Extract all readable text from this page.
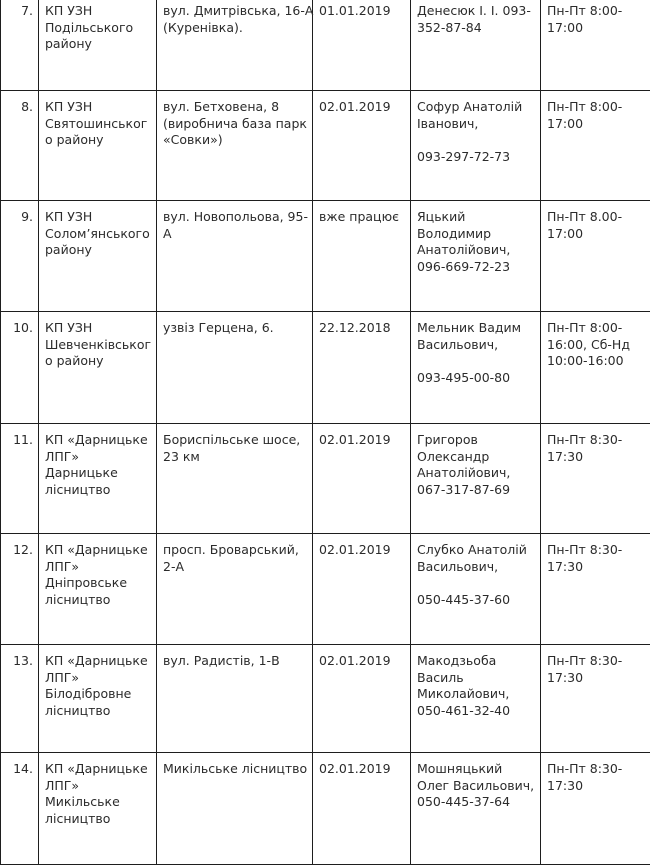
7.	КП УЗН
Подільського
району	вул. Дмитрівська, 16-А
(Куренівка).	01.01.2019	Денесюк І. І. 093-
352-87-84	Пн-Пт 8:00-
17:00

8.	КП УЗН
Святошинськог
о району	вул. Бетховена, 8
(виробнича база парк
«Совки»)	02.01.2019	Софур Анатолій
Іванович,
093-297-72-73	Пн-Пт 8:00-
17:00

9.	КП УЗН
Солом’янського
району	вул. Новопольова, 95-
А	вже працює	Яцький
Володимир
Анатолійович,
096-669-72-23	Пн-Пт 8.00-
17:00

10.	КП УЗН
Шевченківськог
о району	узвіз Герцена, 6.	22.12.2018	Мельник Вадим
Васильович,
093-495-00-80	Пн-Пт 8:00-
16:00, Сб-Нд
10:00-16:00

11.	КП «Дарницьке
ЛПГ»
Дарницьке
лісництво	Бориспільське шосе,
23 км	02.01.2019	Григоров
Олександр
Анатолійович,
067-317-87-69	Пн-Пт 8:30-
17:30

12.	КП «Дарницьке
ЛПГ»
Дніпровське
лісництво	просп. Броварський,
2-А	02.01.2019	Слубко Анатолій
Васильович,
050-445-37-60	Пн-Пт 8:30-
17:30

13.	КП «Дарницьке
ЛПГ»
Білодібровне
лісництво	вул. Радистів, 1-В	02.01.2019	Макодзьоба
Василь
Миколайович,
050-461-32-40	Пн-Пт 8:30-
17:30

14.	КП «Дарницьке
ЛПГ»
Микільське
лісництво	Микільське лісництво	02.01.2019	Мошняцький
Олег Васильович,
050-445-37-64	Пн-Пт 8:30-
17:30
